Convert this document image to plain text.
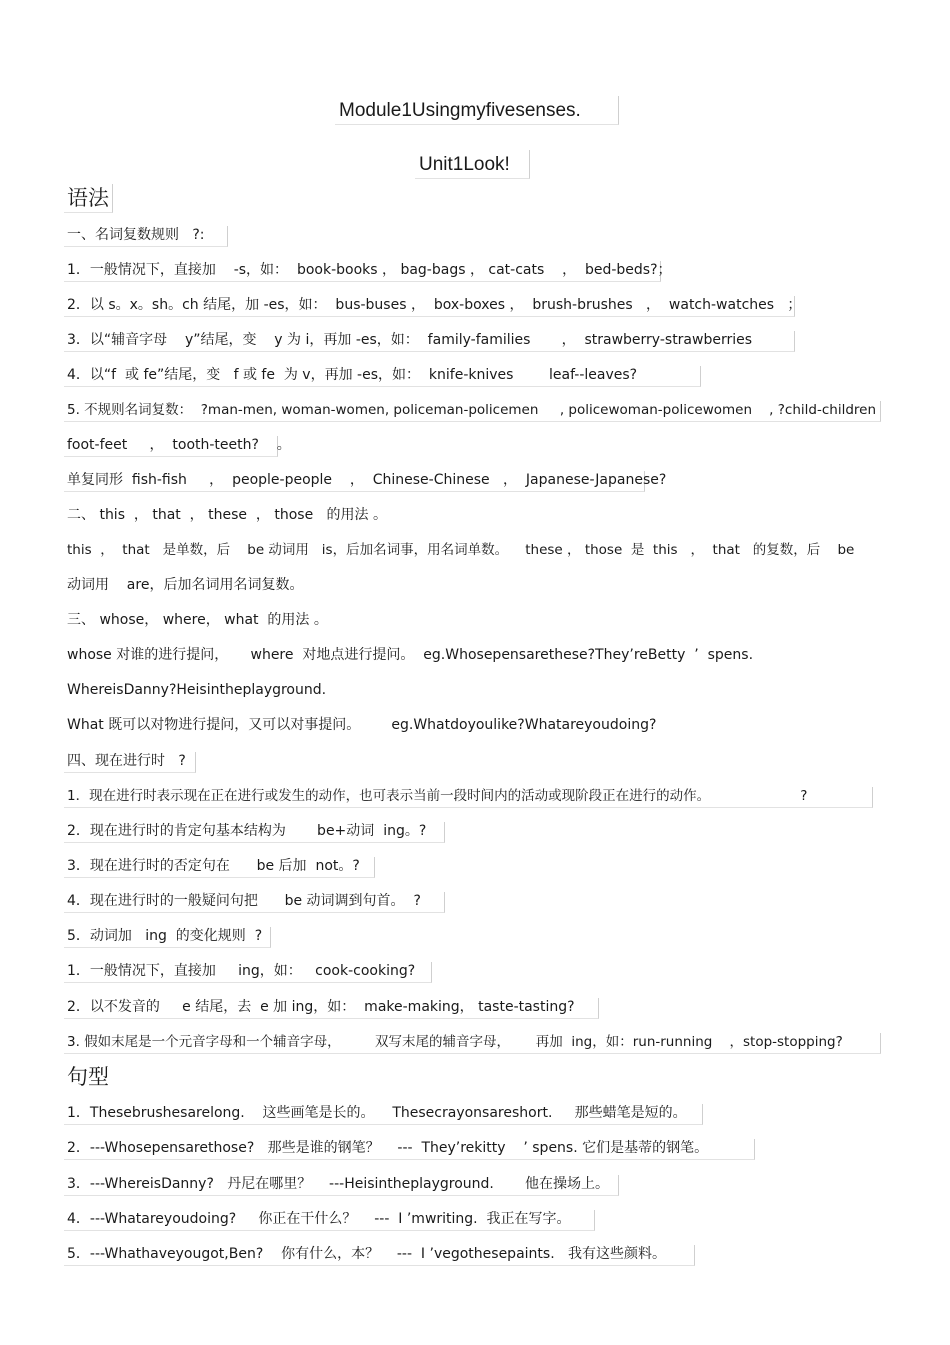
Module1Usingmyfivesenses.
Unit1Look!
语法
一、名词复数规则   ?:
1．一般情况下，直接加    -s，如：  book-books ， bag-bags ， cat-cats    ，  bed-beds?；
2．以 s。x。sh。ch 结尾，加 -es，如：  bus-buses ，  box-boxes ，  brush-brushes   ，  watch-watches   ；
3．以“辅音字母    y”结尾，变    y 为 i，再加 -es，如：  family-families       ，  strawberry-strawberries
4．以“f  或 fe”结尾，变   f 或 fe  为 v，再加 -es，如：  knife-knives        leaf--leaves?
5. 不规则名词复数：  ?man-men, woman-women, policeman-policemen     , policewoman-policewomen    , ?child-children
foot-feet     ，  tooth-teeth?    。
单复同形  fish-fish     ，  people-people    ，  Chinese-Chinese   ，  Japanese-Japanese?
二、 this  ， that  ， these  ， those   的用法 。
this  ，  that   是单数，后    be 动词用   is，后加名词事，用名词单数。    these ， those  是  this   ，  that   的复数，后    be
动词用    are，后加名词用名词复数。
三、 whose， where， what  的用法 。
whose 对谁的进行提问，     where  对地点进行提问。  eg.Whosepensarethese?They’reBetty  ’  spens.
WhereisDanny?Heisintheplayground.
What 既可以对物进行提问，又可以对事提问。       eg.Whatdoyoulike?Whatareyoudoing?
四、现在进行时   ?
1．现在进行时表示现在正在进行或发生的动作，也可表示当前一段时间内的活动或现阶段正在进行的动作。                     ?
2．现在进行时的肯定句基本结构为       be+动词  ing。?
3．现在进行时的否定句在      be 后加  not。?
4．现在进行时的一般疑问句把      be 动词调到句首。  ?
5．动词加   ing  的变化规则  ?
1．一般情况下，直接加     ing，如：   cook-cooking?
2．以不发音的     e 结尾，去  e 加 ing，如：  make-making， taste-tasting?
3. 假如末尾是一个元音字母和一个辅音字母，        双写末尾的辅音字母，      再加  ing，如：run-running    ，stop-stopping?
句型
1．Thesebrushesarelong.    这些画笔是长的。    Thesecrayonsareshort.     那些蜡笔是短的。
2．---Whosepensarethose?   那些是谁的钢笔？    ---  They’rekitty    ’ spens. 它们是基蒂的钢笔。
3．---WhereisDanny?   丹尼在哪里？    ---Heisintheplayground.       他在操场上。
4．---Whatareyoudoing?     你正在干什么？    ---  I ’mwriting.  我正在写字。
5．---Whathaveyougot,Ben?    你有什么，本？    ---  I ’vegothesepaints.   我有这些颜料。
